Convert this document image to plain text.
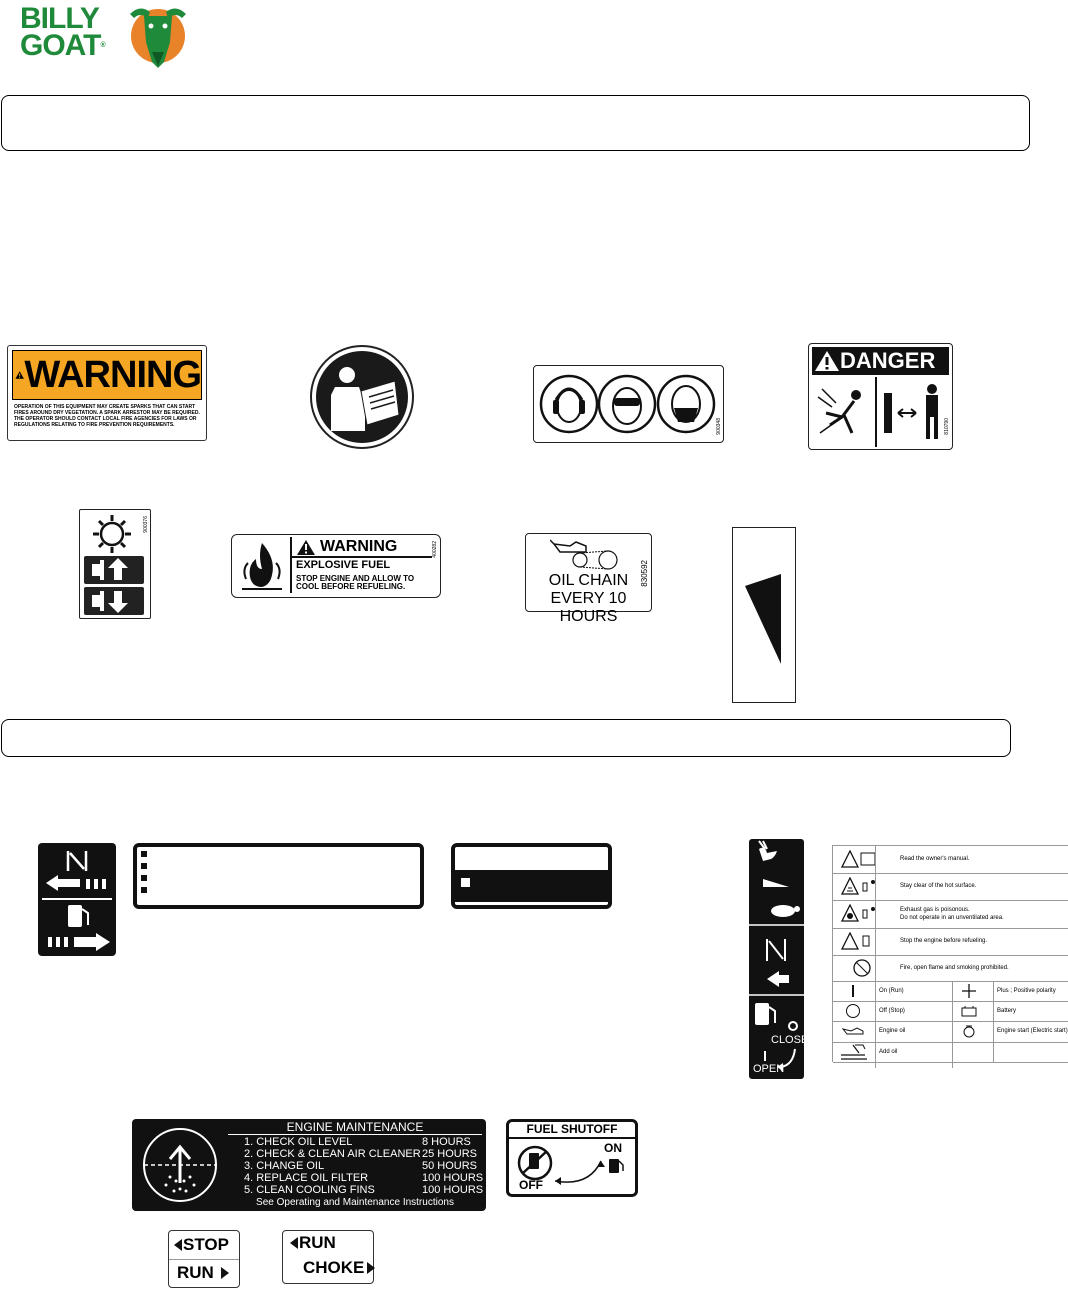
BILLY
GOAT®
WARNING
OPERATION OF THIS EQUIPMENT MAY CREATE SPARKS THAT CAN START FIRES AROUND DRY VEGETATION. A SPARK ARRESTOR MAY BE REQUIRED. THE OPERATOR SHOULD CONTACT LOCAL FIRE AGENCIES FOR LAWS OR REGULATIONS RELATING TO FIRE PREVENTION REQUIREMENTS.	900348
DANGER
810790
900376
WARNING
EXPLOSIVE FUEL
STOP ENGINE AND ALLOW TO
COOL BEFORE REFUELING.
400282
OIL CHAIN
EVERY 10 HOURS
830592
CLOSE
OPEN
Read the owner's manual.
Stay clear of the hot surface.
Exhaust gas is poisonous.
Do not operate in an unventilated area.
Stop the engine before refueling.
Fire, open flame and smoking prohibited.
On (Run)	Plus ; Positive polarity
Off (Stop)	Battery
Engine oil	Engine start (Electric start)
Add oil
ENGINE MAINTENANCE
1. CHECK OIL LEVEL	8 HOURS
2. CHECK & CLEAN AIR CLEANER 25 HOURS
3. CHANGE OIL	50 HOURS
4. REPLACE OIL FILTER	100 HOURS
5. CLEAN COOLING FINS	100 HOURS
See Operating and Maintenance Instructions
FUEL SHUTOFF
ON
OFF
STOP
RUN
RUN
CHOKE
